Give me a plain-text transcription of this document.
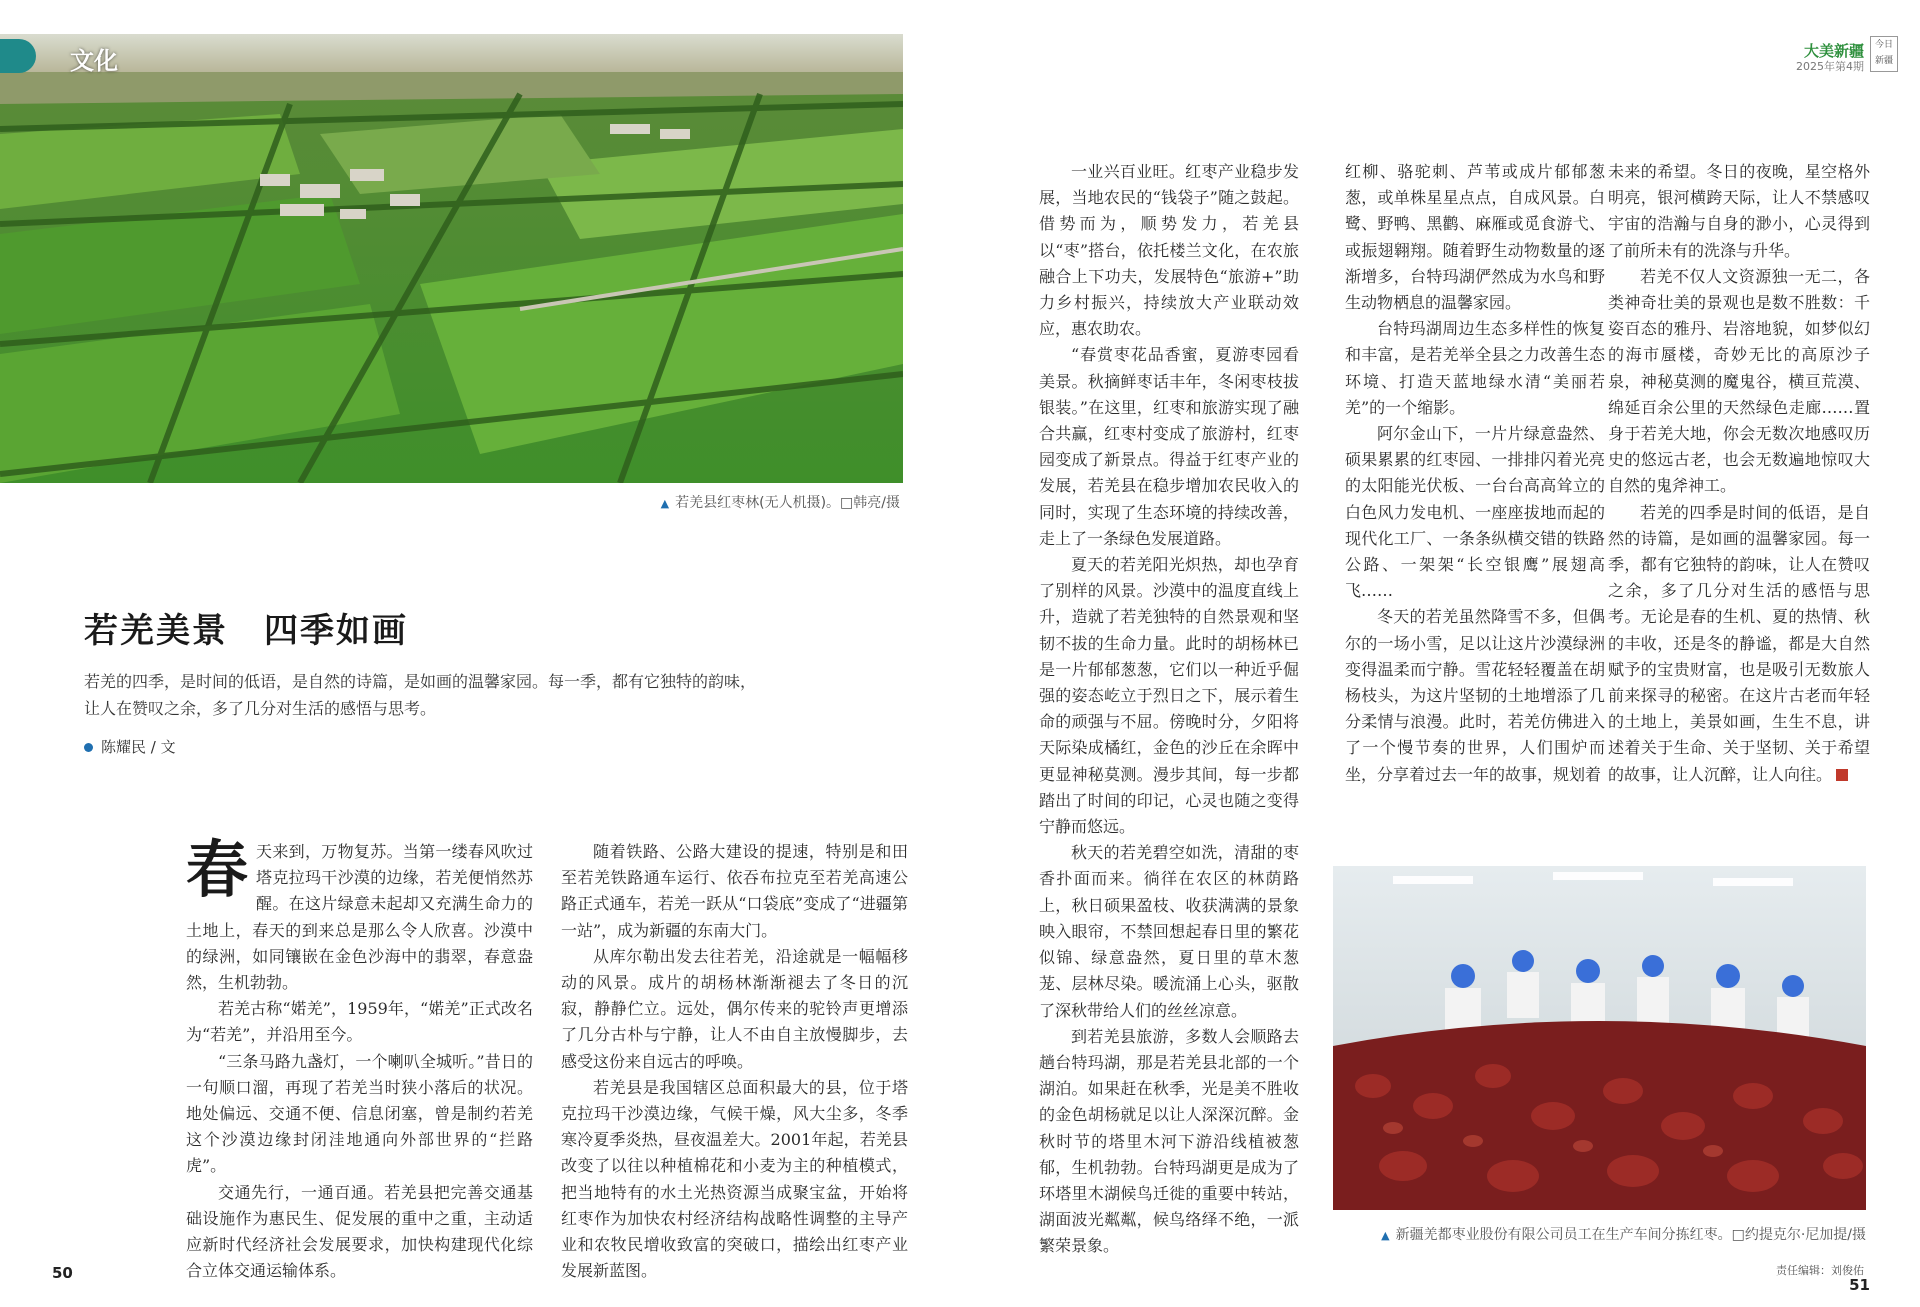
文化
▲ 若羌县红枣林(无人机摄)。□韩亮/摄
若羌美景　四季如画
若羌的四季，是时间的低语，是自然的诗篇，是如画的温馨家园。每一季，都有它独特的韵味，让人在赞叹之余，多了几分对生活的感悟与思考。
陈耀民 / 文

春天来到，万物复苏。当第一缕春风吹过塔克拉玛干沙漠的边缘，若羌便悄然苏醒。在这片绿意未起却又充满生命力的土地上，春天的到来总是那么令人欣喜。沙漠中的绿洲，如同镶嵌在金色沙海中的翡翠，春意盎然，生机勃勃。

若羌古称“婼羌”，1959年，“婼羌”正式改名为“若羌”，并沿用至今。

“三条马路九盏灯，一个喇叭全城听。”昔日的一句顺口溜，再现了若羌当时狭小落后的状况。地处偏远、交通不便、信息闭塞，曾是制约若羌这个沙漠边缘封闭洼地通向外部世界的“拦路虎”。

交通先行，一通百通。若羌县把完善交通基础设施作为惠民生、促发展的重中之重，主动适应新时代经济社会发展要求，加快构建现代化综合立体交通运输体系。

随着铁路、公路大建设的提速，特别是和田至若羌铁路通车运行、依吞布拉克至若羌高速公路正式通车，若羌一跃从“口袋底”变成了“进疆第一站”，成为新疆的东南大门。

从库尔勒出发去往若羌，沿途就是一幅幅移动的风景。成片的胡杨林渐渐褪去了冬日的沉寂，静静伫立。远处，偶尔传来的驼铃声更增添了几分古朴与宁静，让人不由自主放慢脚步，去感受这份来自远古的呼唤。

若羌县是我国辖区总面积最大的县，位于塔克拉玛干沙漠边缘，气候干燥，风大尘多，冬季寒冷夏季炎热，昼夜温差大。2001年起，若羌县改变了以往以种植棉花和小麦为主的种植模式，把当地特有的水土光热资源当成聚宝盆，开始将红枣作为加快农村经济结构战略性调整的主导产业和农牧民增收致富的突破口，描绘出红枣产业发展新蓝图。

大美新疆
2025年第4期
今日新疆

一业兴百业旺。红枣产业稳步发展，当地农民的“钱袋子”随之鼓起。借势而为，顺势发力，若羌县以“枣”搭台，依托楼兰文化，在农旅融合上下功夫，发展特色“旅游+”助力乡村振兴，持续放大产业联动效应，惠农助农。

“春赏枣花品香蜜，夏游枣园看美景。秋摘鲜枣话丰年，冬闲枣枝拔银装。”在这里，红枣和旅游实现了融合共赢，红枣村变成了旅游村，红枣园变成了新景点。得益于红枣产业的发展，若羌县在稳步增加农民收入的同时，实现了生态环境的持续改善，走上了一条绿色发展道路。

夏天的若羌阳光炽热，却也孕育了别样的风景。沙漠中的温度直线上升，造就了若羌独特的自然景观和坚韧不拔的生命力量。此时的胡杨林已是一片郁郁葱葱，它们以一种近乎倔强的姿态屹立于烈日之下，展示着生命的顽强与不屈。傍晚时分，夕阳将天际染成橘红，金色的沙丘在余晖中更显神秘莫测。漫步其间，每一步都踏出了时间的印记，心灵也随之变得宁静而悠远。

秋天的若羌碧空如洗，清甜的枣香扑面而来。徜徉在农区的林荫路上，秋日硕果盈枝、收获满满的景象映入眼帘，不禁回想起春日里的繁花似锦、绿意盎然，夏日里的草木葱茏、层林尽染。暖流涌上心头，驱散了深秋带给人们的丝丝凉意。

到若羌县旅游，多数人会顺路去趟台特玛湖，那是若羌县北部的一个湖泊。如果赶在秋季，光是美不胜收的金色胡杨就足以让人深深沉醉。金秋时节的塔里木河下游沿线植被葱郁，生机勃勃。台特玛湖更是成为了环塔里木湖候鸟迁徙的重要中转站，湖面波光粼粼，候鸟络绎不绝，一派繁荣景象。

红柳、骆驼刺、芦苇或成片郁郁葱葱，或单株星星点点，自成风景。白鹭、野鸭、黑鹳、麻雁或觅食游弋、或振翅翱翔。随着野生动物数量的逐渐增多，台特玛湖俨然成为水鸟和野生动物栖息的温馨家园。

台特玛湖周边生态多样性的恢复和丰富，是若羌举全县之力改善生态环境、打造天蓝地绿水清“美丽若羌”的一个缩影。

阿尔金山下，一片片绿意盎然、硕果累累的红枣园、一排排闪着光亮的太阳能光伏板、一台台高高耸立的白色风力发电机、一座座拔地而起的现代化工厂、一条条纵横交错的铁路公路、一架架“长空银鹰”展翅高飞……

冬天的若羌虽然降雪不多，但偶尔的一场小雪，足以让这片沙漠绿洲变得温柔而宁静。雪花轻轻覆盖在胡杨枝头，为这片坚韧的土地增添了几分柔情与浪漫。此时，若羌仿佛进入了一个慢节奏的世界，人们围炉而坐，分享着过去一年的故事，规划着

未来的希望。冬日的夜晚，星空格外明亮，银河横跨天际，让人不禁感叹宇宙的浩瀚与自身的渺小，心灵得到了前所未有的洗涤与升华。

若羌不仅人文资源独一无二，各类神奇壮美的景观也是数不胜数：千姿百态的雅丹、岩溶地貌，如梦似幻的海市蜃楼，奇妙无比的高原沙子泉，神秘莫测的魔鬼谷，横亘荒漠、绵延百余公里的天然绿色走廊……置身于若羌大地，你会无数次地感叹历史的悠远古老，也会无数遍地惊叹大自然的鬼斧神工。

若羌的四季是时间的低语，是自然的诗篇，是如画的温馨家园。每一季，都有它独特的韵味，让人在赞叹之余，多了几分对生活的感悟与思考。无论是春的生机、夏的热情、秋的丰收，还是冬的静谧，都是大自然赋予的宝贵财富，也是吸引无数旅人前来探寻的秘密。在这片古老而年轻的土地上，美景如画，生生不息，讲述着关于生命、关于坚韧、关于希望的故事，让人沉醉，让人向往。

▲ 新疆羌都枣业股份有限公司员工在生产车间分拣红枣。□约提克尔·尼加提/摄
50	责任编辑：刘俊佑
51
